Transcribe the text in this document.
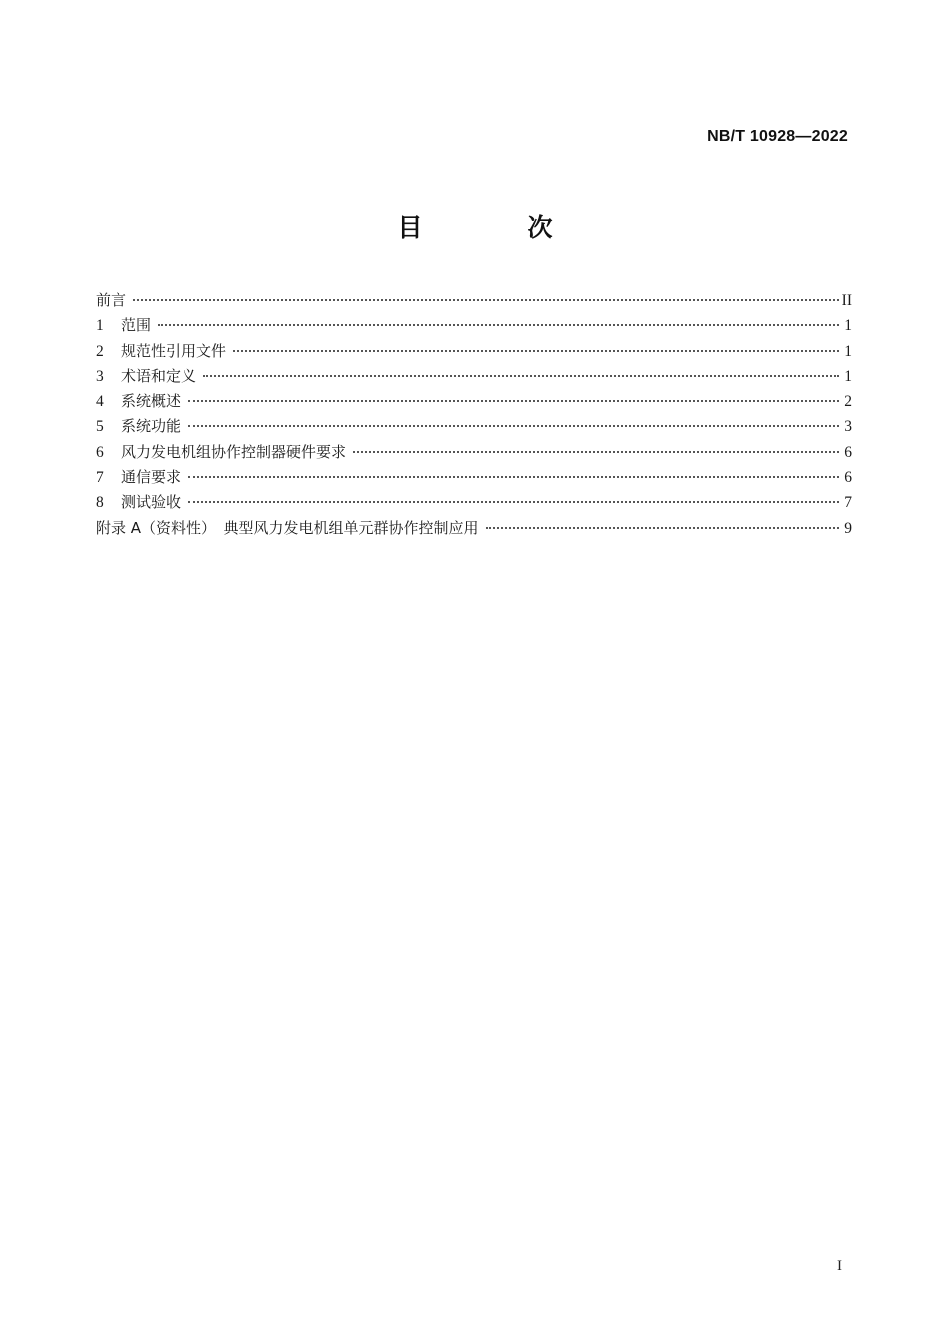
NB/T 10928—2022
目　次
前言	II
1	范围	1
2	规范性引用文件	1
3	术语和定义	1
4	系统概述	2
5	系统功能	3
6	风力发电机组协作控制器硬件要求	6
7	通信要求	6
8	测试验收	7
附录 A（资料性）　典型风力发电机组单元群协作控制应用	9
I
